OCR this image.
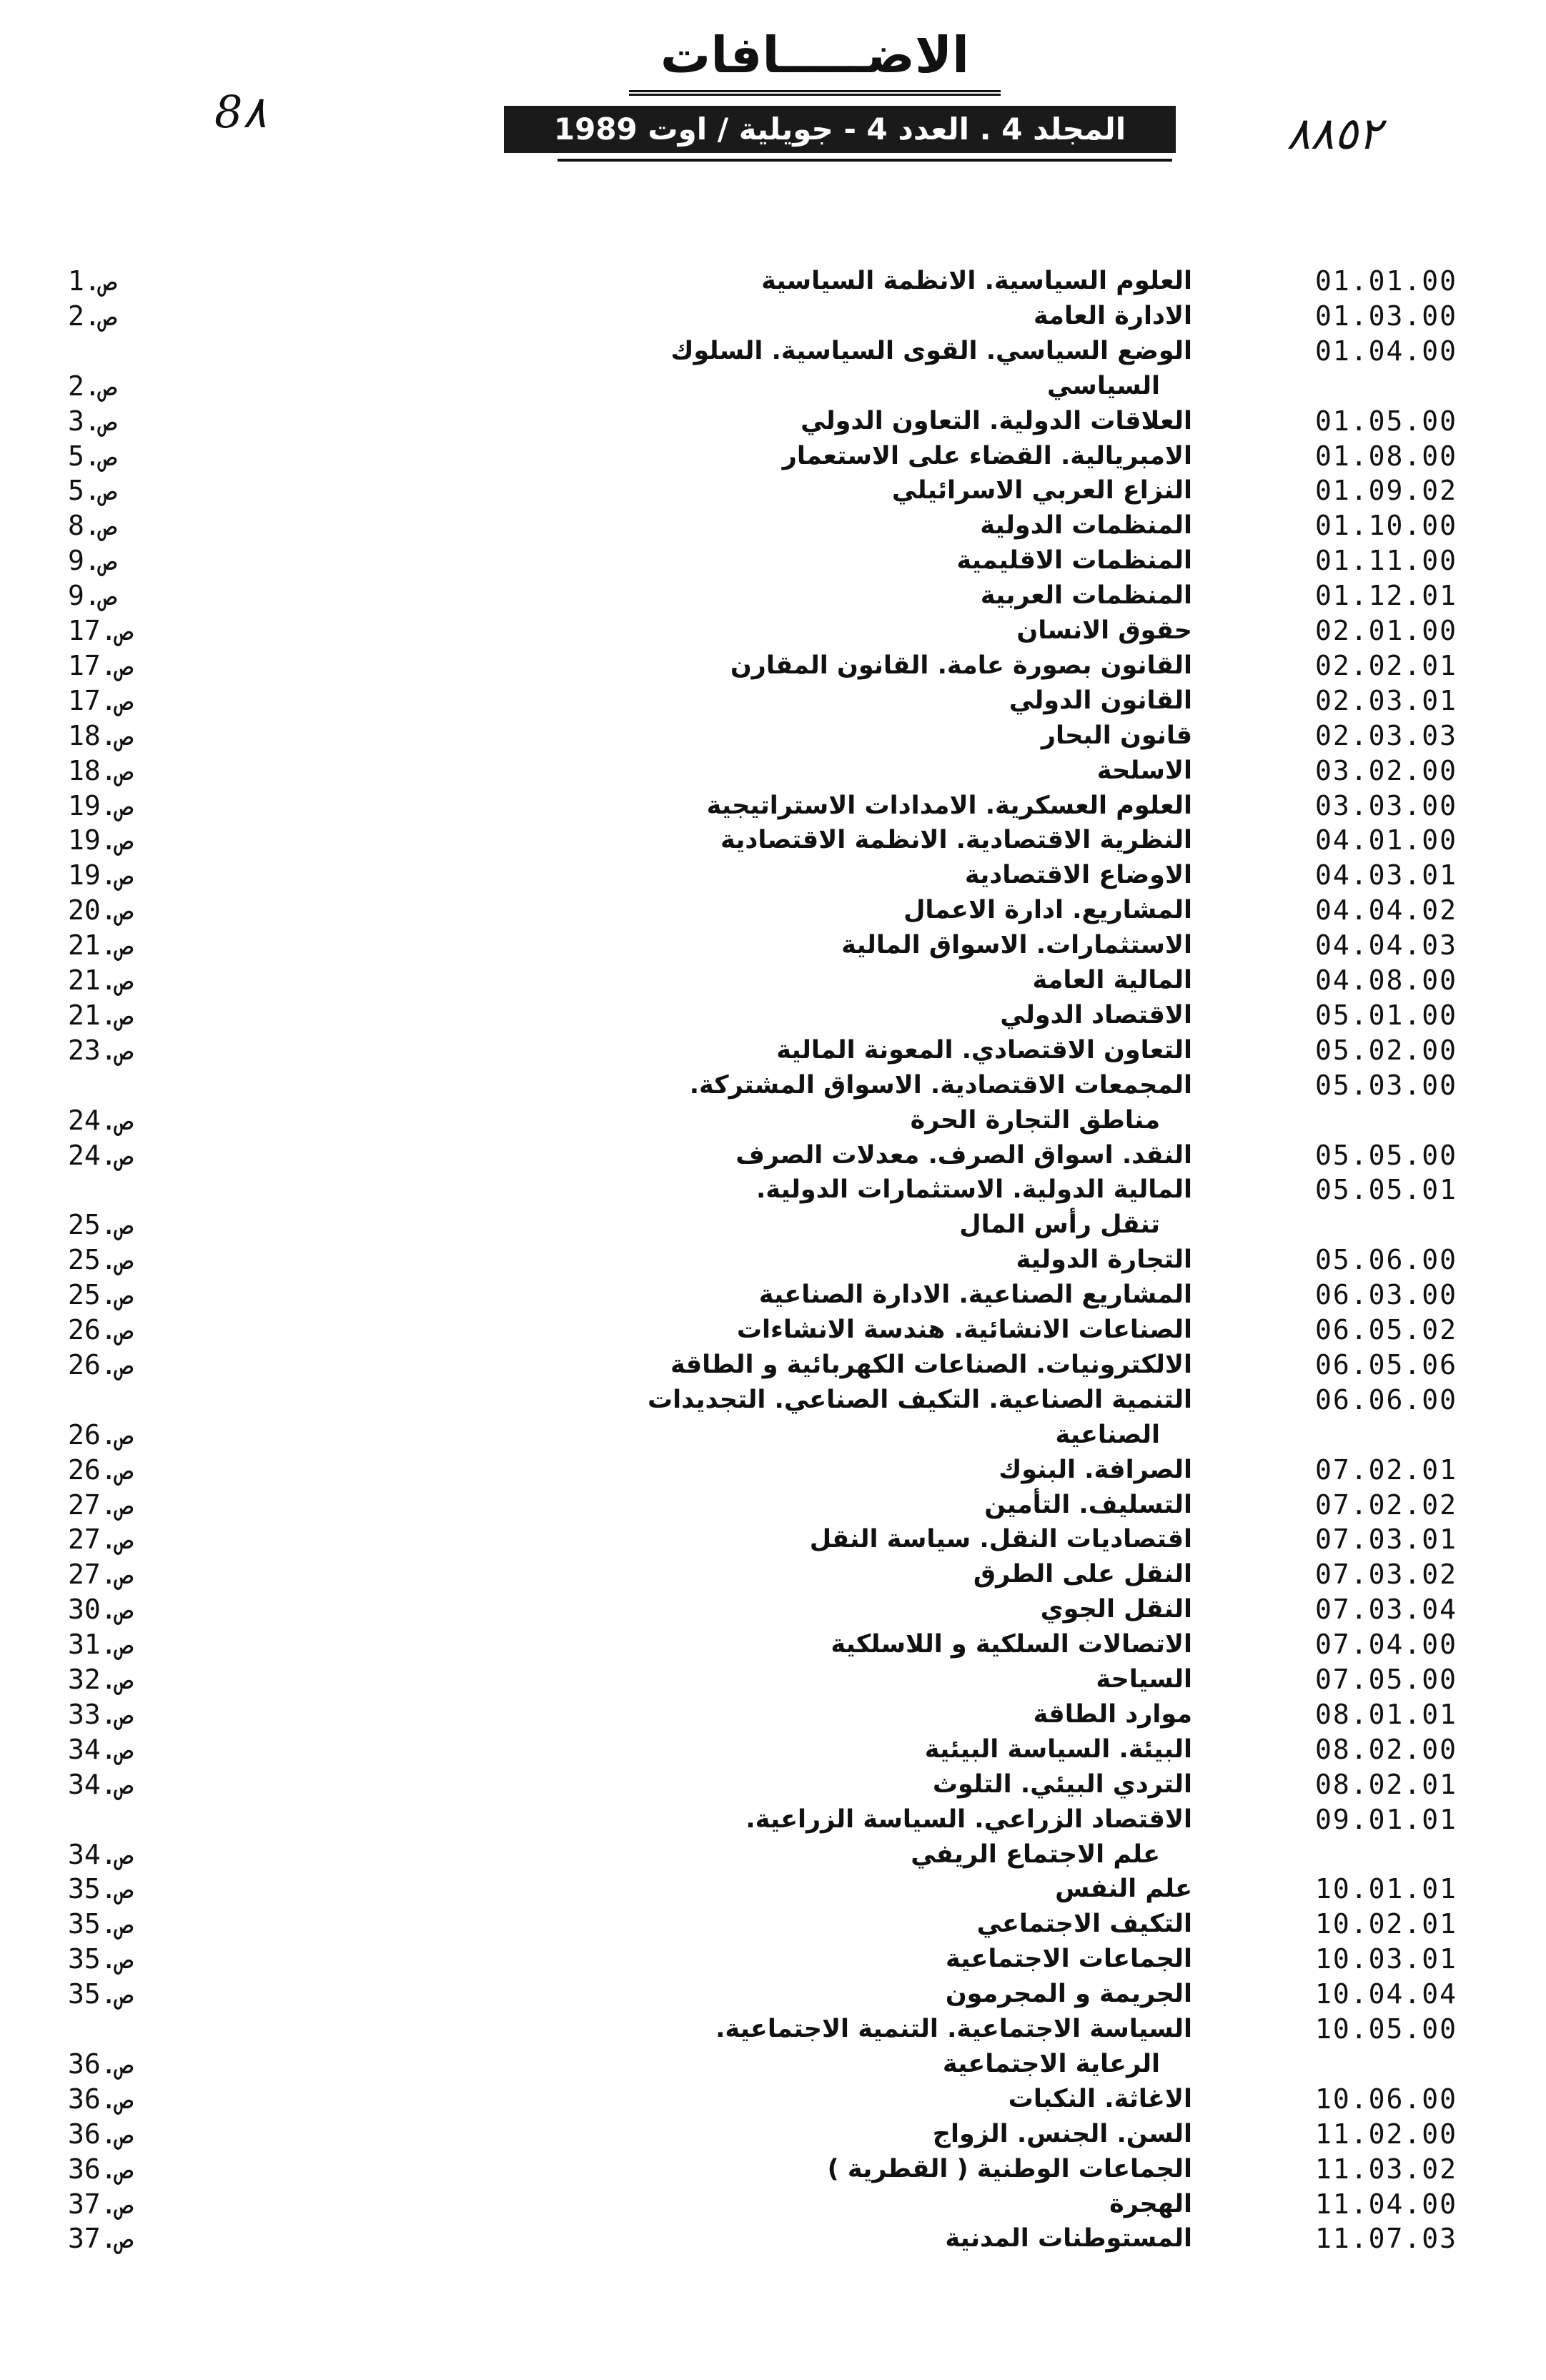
الاضـــــافات
8٨	٨٨٥٢
المجلد 4 . العدد 4 - جويلية / اوت 1989
ص.1	العلوم السياسية. الانظمة السياسية	01.01.00
ص.2	الادارة العامة	01.03.00
الوضع السياسي. القوى السياسية. السلوك	01.04.00
ص.2	السياسي
ص.3	العلاقات الدولية. التعاون الدولي	01.05.00
ص.5	الامبريالية. القضاء على الاستعمار	01.08.00
ص.5	النزاع العربي الاسرائيلي	01.09.02
ص.8	المنظمات الدولية	01.10.00
ص.9	المنظمات الاقليمية	01.11.00
ص.9	المنظمات العربية	01.12.01
ص.17	حقوق الانسان	02.01.00
ص.17	القانون بصورة عامة. القانون المقارن	02.02.01
ص.17	القانون الدولي	02.03.01
ص.18	قانون البحار	02.03.03
ص.18	الاسلحة	03.02.00
ص.19	العلوم العسكرية. الامدادات الاستراتيجية	03.03.00
ص.19	النظرية الاقتصادية. الانظمة الاقتصادية	04.01.00
ص.19	الاوضاع الاقتصادية	04.03.01
ص.20	المشاريع. ادارة الاعمال	04.04.02
ص.21	الاستثمارات. الاسواق المالية	04.04.03
ص.21	المالية العامة	04.08.00
ص.21	الاقتصاد الدولي	05.01.00
ص.23	التعاون الاقتصادي. المعونة المالية	05.02.00
المجمعات الاقتصادية. الاسواق المشتركة.	05.03.00
ص.24	مناطق التجارة الحرة
ص.24	النقد. اسواق الصرف. معدلات الصرف	05.05.00
المالية الدولية. الاستثمارات الدولية.	05.05.01
ص.25	تنقل رأس المال
ص.25	التجارة الدولية	05.06.00
ص.25	المشاريع الصناعية. الادارة الصناعية	06.03.00
ص.26	الصناعات الانشائية. هندسة الانشاءات	06.05.02
ص.26	الالكترونيات. الصناعات الكهربائية و الطاقة	06.05.06
التنمية الصناعية. التكيف الصناعي. التجديدات	06.06.00
ص.26	الصناعية
ص.26	الصرافة. البنوك	07.02.01
ص.27	التسليف. التأمين	07.02.02
ص.27	اقتصاديات النقل. سياسة النقل	07.03.01
ص.27	النقل على الطرق	07.03.02
ص.30	النقل الجوي	07.03.04
ص.31	الاتصالات السلكية و اللاسلكية	07.04.00
ص.32	السياحة	07.05.00
ص.33	موارد الطاقة	08.01.01
ص.34	البيئة. السياسة البيئية	08.02.00
ص.34	التردي البيئي. التلوث	08.02.01
الاقتصاد الزراعي. السياسة الزراعية.	09.01.01
ص.34	علم الاجتماع الريفي
ص.35	علم النفس	10.01.01
ص.35	التكيف الاجتماعي	10.02.01
ص.35	الجماعات الاجتماعية	10.03.01
ص.35	الجريمة و المجرمون	10.04.04
السياسة الاجتماعية. التنمية الاجتماعية.	10.05.00
ص.36	الرعاية الاجتماعية
ص.36	الاغاثة. النكبات	10.06.00
ص.36	السن. الجنس. الزواج	11.02.00
ص.36	الجماعات الوطنية ( القطرية )	11.03.02
ص.37	الهجرة	11.04.00
ص.37	المستوطنات المدنية	11.07.03
